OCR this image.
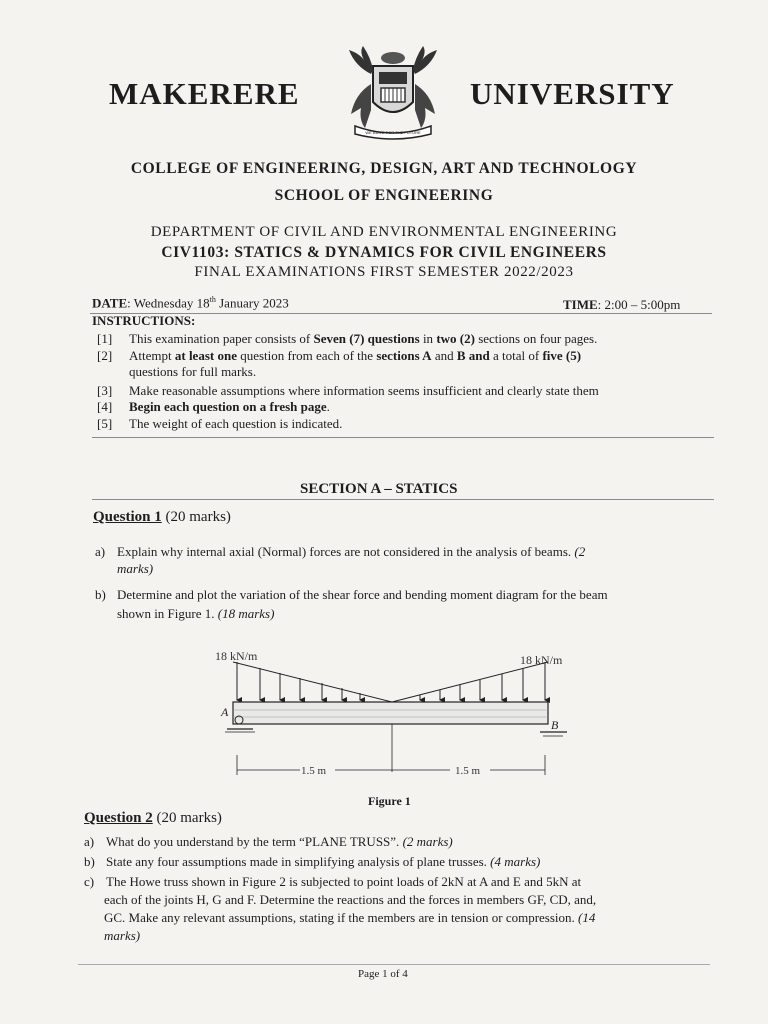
MAKERERE	UNIVERSITY
WE BUILD FOR THE FUTURE
COLLEGE OF ENGINEERING, DESIGN, ART AND TECHNOLOGY
SCHOOL OF ENGINEERING
DEPARTMENT OF CIVIL AND ENVIRONMENTAL ENGINEERING
CIV1103: STATICS & DYNAMICS FOR CIVIL ENGINEERS
FINAL EXAMINATIONS FIRST SEMESTER 2022/2023
DATE: Wednesday 18th January 2023	TIME: 2:00 – 5:00pm
INSTRUCTIONS:
[1]	This examination paper consists of Seven (7) questions in two (2) sections on four pages.
[2]	Attempt at least one question from each of the sections A and B and a total of five (5)
questions for full marks.
[3]	Make reasonable assumptions where information seems insufficient and clearly state them
[4]	Begin each question on a fresh page.
[5]	The weight of each question is indicated.
SECTION A – STATICS
Question 1 (20 marks)
a) Explain why internal axial (Normal) forces are not considered in the analysis of beams. (2
marks)
b) Determine and plot the variation of the shear force and bending moment diagram for the beam
shown in Figure 1. (18 marks)
18 kN/m	18 kN/m
A
B
1.5 m	1.5 m
Figure 1
Question 2 (20 marks)
a) What do you understand by the term “PLANE TRUSS”. (2 marks)
b) State any four assumptions made in simplifying analysis of plane trusses. (4 marks)
c) The Howe truss shown in Figure 2 is subjected to point loads of 2kN at A and E and 5kN at
each of the joints H, G and F. Determine the reactions and the forces in members GF, CD, and,
GC. Make any relevant assumptions, stating if the members are in tension or compression. (14
marks)
Page 1 of 4
